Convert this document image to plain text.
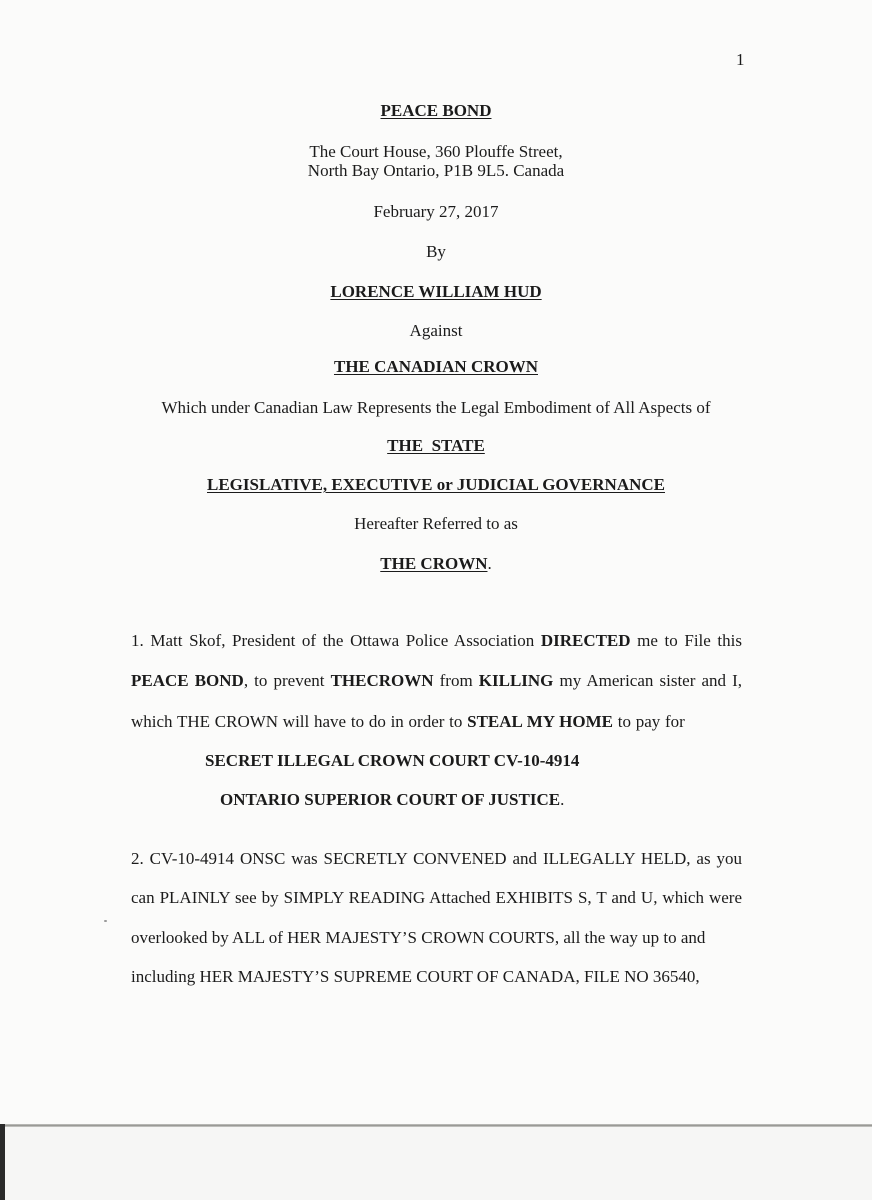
1
PEACE BOND
The Court House, 360 Plouffe Street,
North Bay Ontario, P1B 9L5. Canada
February 27, 2017
By
LORENCE WILLIAM HUD
Against
THE CANADIAN CROWN
Which under Canadian Law Represents the Legal Embodiment of All Aspects of
THE  STATE
LEGISLATIVE, EXECUTIVE or JUDICIAL GOVERNANCE
Hereafter Referred to as
THE CROWN.
1. Matt Skof, President of the Ottawa Police Association DIRECTED me to File this
PEACE BOND, to prevent THECROWN from KILLING my American sister and I,
which THE CROWN will have to do in order to STEAL MY HOME to pay for
SECRET ILLEGAL CROWN COURT CV-10-4914
ONTARIO SUPERIOR COURT OF JUSTICE.
2. CV-10-4914 ONSC was SECRETLY CONVENED and ILLEGALLY HELD, as you
can PLAINLY see by SIMPLY READING Attached EXHIBITS S, T and U, which were
overlooked by ALL of HER MAJESTY’S CROWN COURTS, all the way up to and
including HER MAJESTY’S SUPREME COURT OF CANADA, FILE NO 36540,
